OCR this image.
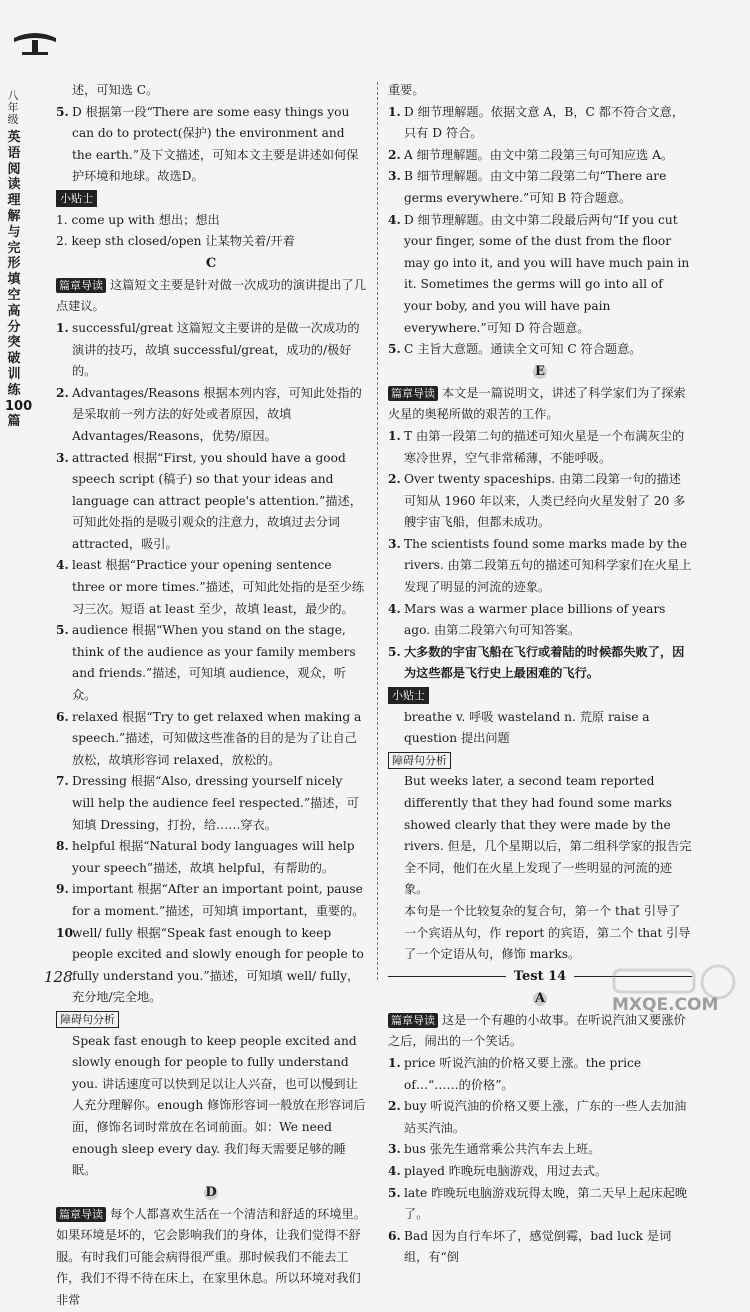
八年级
英语阅读理解与完形填空高分突破训练100篇

述，可知选 C。

5. D 根据第一段“There are some easy things you can do to protect(保护) the environment and the earth.”及下文描述，可知本文主要是讲述如何保护环境和地球。故选D。

小贴士

1. come up with 想出；想出

2. keep sth closed/open 让某物关着/开着

C

篇章导读 这篇短文主要是针对做一次成功的演讲提出了几点建议。

1. successful/great 这篇短文主要讲的是做一次成功的演讲的技巧，故填 successful/great，成功的/极好的。
2. Advantages/Reasons 根据本列内容，可知此处指的是采取前一列方法的好处或者原因，故填 Advantages/Reasons，优势/原因。
3. attracted 根据“First, you should have a good speech script (稿子) so that your ideas and language can attract people's attention.”描述，可知此处指的是吸引观众的注意力，故填过去分词 attracted，吸引。
4. least 根据“Practice your opening sentence three or more times.”描述，可知此处指的是至少练习三次。短语 at least 至少，故填 least，最少的。
5. audience 根据“When you stand on the stage, think of the audience as your family members and friends.”描述，可知填 audience，观众，听众。
6. relaxed 根据“Try to get relaxed when making a speech.”描述，可知做这些准备的目的是为了让自己放松，故填形容词 relaxed，放松的。
7. Dressing 根据“Also, dressing yourself nicely will help the audience feel respected.”描述，可知填 Dressing，打扮，给……穿衣。
8. helpful 根据“Natural body languages will help your speech”描述，故填 helpful，有帮助的。
9. important 根据“After an important point, pause for a moment.”描述，可知填 important，重要的。
10.
well/ fully 根据“Speak fast enough to keep people excited and slowly enough for people to fully understand you.”描述，可知填 well/ fully，充分地/完全地。

障碍句分析

Speak fast enough to keep people excited and slowly enough for people to fully understand you. 讲话速度可以快到足以让人兴奋，也可以慢到让人充分理解你。enough 修饰形容词一般放在形容词后面，修饰名词时常放在名词前面。如：We need enough sleep every day. 我们每天需要足够的睡眠。

D

篇章导读 每个人都喜欢生活在一个清洁和舒适的环境里。如果环境是坏的，它会影响我们的身体，让我们觉得不舒服。有时我们可能会病得很严重。那时候我们不能去工作，我们不得不待在床上，在家里休息。所以环境对我们非常

重要。

1. D 细节理解题。依据文意 A，B，C 都不符合文意，只有 D 符合。
2. A 细节理解题。由文中第二段第三句可知应选 A。
3. B 细节理解题。由文中第二段第二句“There are germs everywhere.”可知 B 符合题意。
4. D 细节理解题。由文中第二段最后两句“If you cut your finger, some of the dust from the floor may go into it, and you will have much pain in it. Sometimes the germs will go into all of your boby, and you will have pain everywhere.”可知 D 符合题意。
5. C 主旨大意题。通读全文可知 C 符合题意。
E

篇章导读 本文是一篇说明文，讲述了科学家们为了探索火星的奥秘所做的艰苦的工作。

1. T 由第一段第二句的描述可知火星是一个布满灰尘的寒冷世界，空气非常稀薄，不能呼吸。
2. Over twenty spaceships. 由第二段第一句的描述可知从 1960 年以来，人类已经向火星发射了 20 多艘宇宙飞船，但都未成功。
3. The scientists found some marks made by the rivers. 由第二段第五句的描述可知科学家们在火星上发现了明显的河流的迹象。
4. Mars was a warmer place billions of years ago. 由第二段第六句可知答案。
5. 大多数的宇宙飞船在飞行或着陆的时候都失败了，因为这些都是飞行史上最困难的飞行。

小贴士

breathe v. 呼吸 wasteland n. 荒原 raise a question 提出问题

障碍句分析

But weeks later, a second team reported differently that they had found some marks showed clearly that they were made by the rivers. 但是，几个星期以后，第二组科学家的报告完全不同，他们在火星上发现了一些明显的河流的迹象。

本句是一个比较复杂的复合句，第一个 that 引导了一个宾语从句，作 report 的宾语，第二个 that 引导了一个定语从句，修饰 marks。

Test 14
A

篇章导读 这是一个有趣的小故事。在听说汽油又要涨价之后，闹出的一个笑话。

1. price 听说汽油的价格又要上涨。the price of…“……的价格”。
2. buy 听说汽油的价格又要上涨，广东的一些人去加油站买汽油。
3. bus 张先生通常乘公共汽车去上班。
4. played 昨晚玩电脑游戏，用过去式。
5. late 昨晚玩电脑游戏玩得太晚，第二天早上起床起晚了。
6. Bad 因为自行车坏了，感觉倒霉，bad luck 是词组，有“倒
128
MXQE.COM
